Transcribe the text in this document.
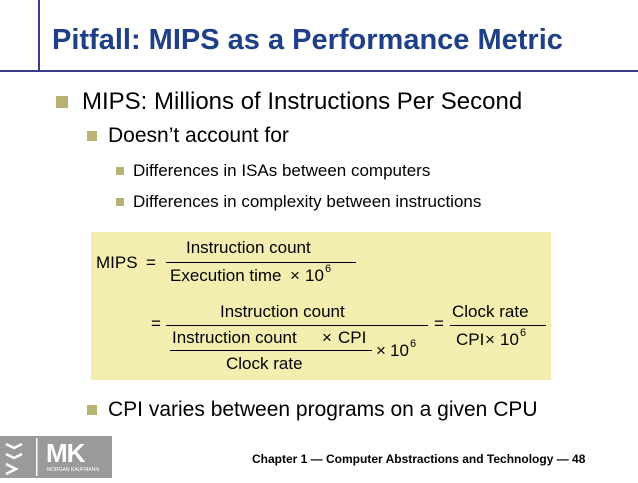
Pitfall: MIPS as a Performance Metric
MIPS: Millions of Instructions Per Second
Doesn’t account for
Differences in ISAs between computers
Differences in complexity between instructions
MIPS =
Instruction count
Execution time × 10 6
=
Instruction count
Instruction count × CPI
Clock rate
× 10 6
=
Clock rate
CPI × 10 6
CPI varies between programs on a given CPU
MK
MORGAN KAUFMANN
Chapter 1 — Computer Abstractions and Technology — 48
